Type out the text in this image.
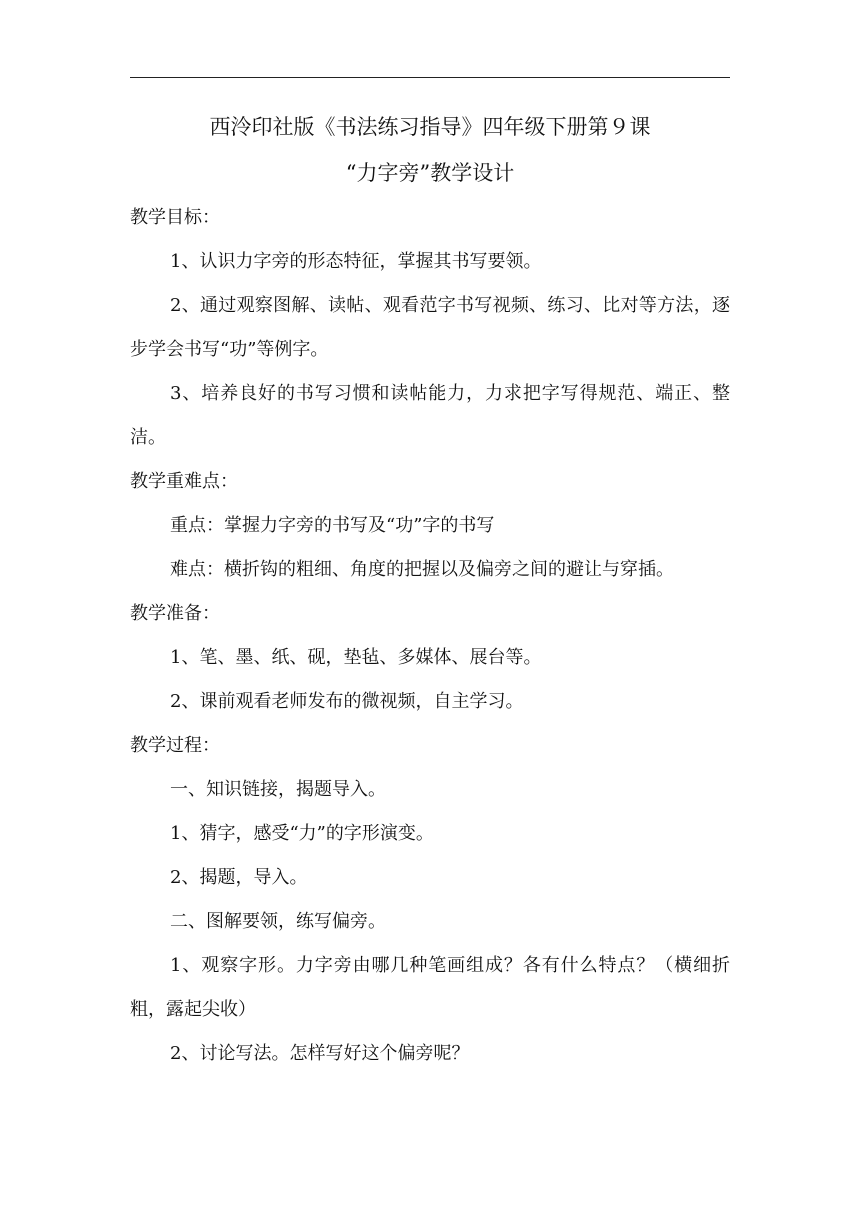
西泠印社版《书法练习指导》四年级下册第９课

“力字旁”教学设计

教学目标：

1、认识力字旁的形态特征，掌握其书写要领。

2、通过观察图解、读帖、观看范字书写视频、练习、比对等方法，逐步学会书写“功”等例字。

3、培养良好的书写习惯和读帖能力，力求把字写得规范、端正、整洁。

教学重难点：

重点：掌握力字旁的书写及“功”字的书写

难点：横折钩的粗细、角度的把握以及偏旁之间的避让与穿插。

教学准备：

1、笔、墨、纸、砚，垫毡、多媒体、展台等。

2、课前观看老师发布的微视频，自主学习。

教学过程：

一、知识链接，揭题导入。

1、猜字，感受“力”的字形演变。

2、揭题，导入。

二、图解要领，练写偏旁。

1、观察字形。力字旁由哪几种笔画组成？各有什么特点？（横细折粗，露起尖收）

2、讨论写法。怎样写好这个偏旁呢？
